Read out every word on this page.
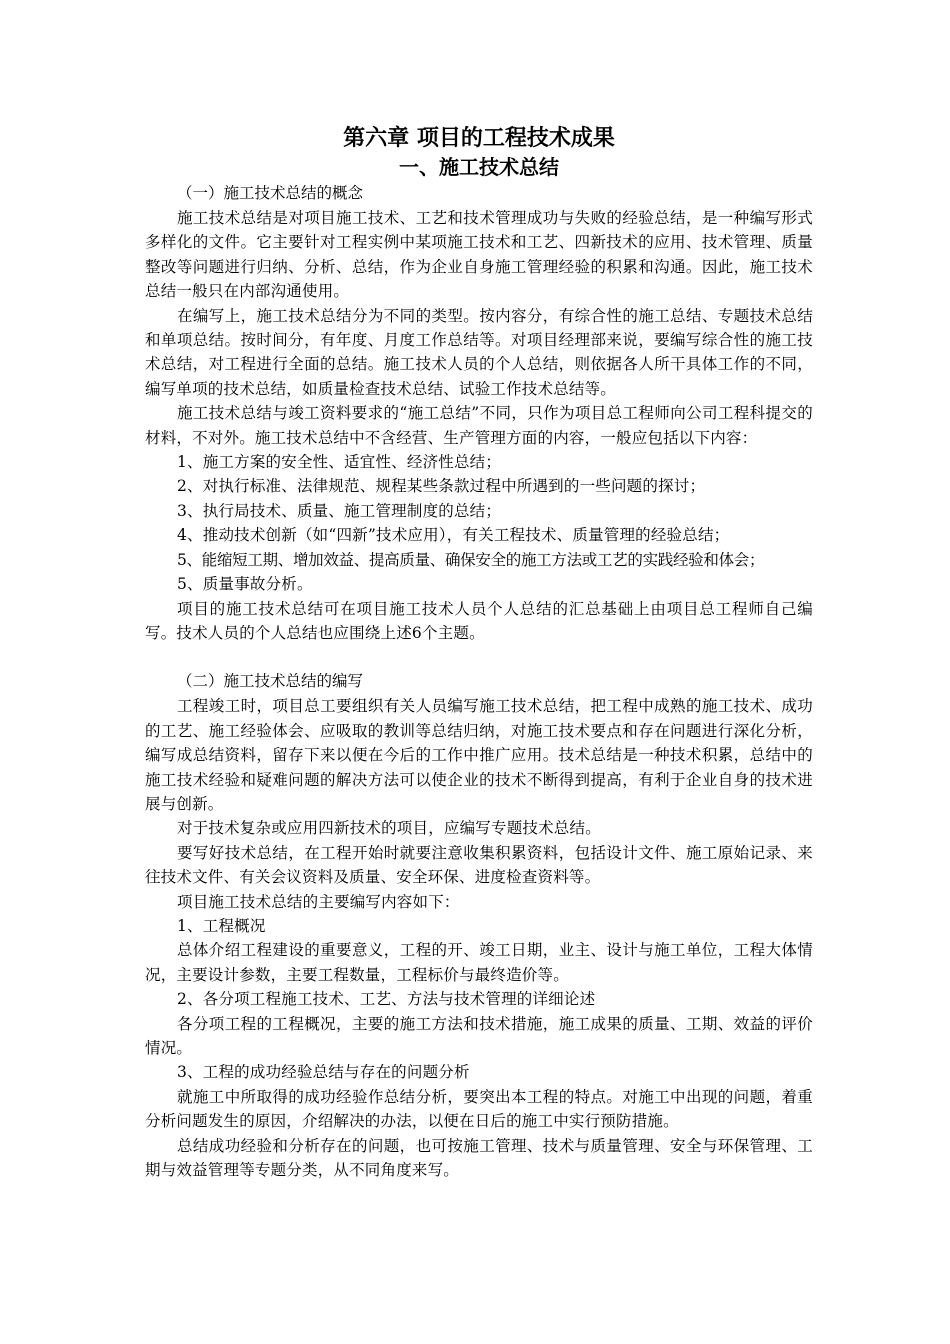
第六章 项目的工程技术成果
一、施工技术总结

（一）施工技术总结的概念

施工技术总结是对项目施工技术、工艺和技术管理成功与失败的经验总结，是一种编写形式多样化的文件。它主要针对工程实例中某项施工技术和工艺、四新技术的应用、技术管理、质量整改等问题进行归纳、分析、总结，作为企业自身施工管理经验的积累和沟通。因此，施工技术总结一般只在内部沟通使用。

在编写上，施工技术总结分为不同的类型。按内容分，有综合性的施工总结、专题技术总结和单项总结。按时间分，有年度、月度工作总结等。对项目经理部来说，要编写综合性的施工技术总结，对工程进行全面的总结。施工技术人员的个人总结，则依据各人所干具体工作的不同，编写单项的技术总结，如质量检查技术总结、试验工作技术总结等。

施工技术总结与竣工资料要求的“施工总结”不同，只作为项目总工程师向公司工程科提交的材料，不对外。施工技术总结中不含经营、生产管理方面的内容，一般应包括以下内容：

1、施工方案的安全性、适宜性、经济性总结；

2、对执行标准、法律规范、规程某些条款过程中所遇到的一些问题的探讨；

3、执行局技术、质量、施工管理制度的总结；

4、推动技术创新（如“四新”技术应用），有关工程技术、质量管理的经验总结；

5、能缩短工期、增加效益、提高质量、确保安全的施工方法或工艺的实践经验和体会；

5、质量事故分析。

项目的施工技术总结可在项目施工技术人员个人总结的汇总基础上由项目总工程师自己编写。技术人员的个人总结也应围绕上述6个主题。

（二）施工技术总结的编写

工程竣工时，项目总工要组织有关人员编写施工技术总结，把工程中成熟的施工技术、成功的工艺、施工经验体会、应吸取的教训等总结归纳，对施工技术要点和存在问题进行深化分析，编写成总结资料，留存下来以便在今后的工作中推广应用。技术总结是一种技术积累，总结中的施工技术经验和疑难问题的解决方法可以使企业的技术不断得到提高，有利于企业自身的技术进展与创新。

对于技术复杂或应用四新技术的项目，应编写专题技术总结。

要写好技术总结，在工程开始时就要注意收集积累资料，包括设计文件、施工原始记录、来往技术文件、有关会议资料及质量、安全环保、进度检查资料等。

项目施工技术总结的主要编写内容如下：

1、工程概况

总体介绍工程建设的重要意义，工程的开、竣工日期，业主、设计与施工单位，工程大体情况，主要设计参数，主要工程数量，工程标价与最终造价等。

2、各分项工程施工技术、工艺、方法与技术管理的详细论述

各分项工程的工程概况，主要的施工方法和技术措施，施工成果的质量、工期、效益的评价情况。

3、工程的成功经验总结与存在的问题分析

就施工中所取得的成功经验作总结分析，要突出本工程的特点。对施工中出现的问题，着重分析问题发生的原因，介绍解决的办法，以便在日后的施工中实行预防措施。

总结成功经验和分析存在的问题，也可按施工管理、技术与质量管理、安全与环保管理、工期与效益管理等专题分类，从不同角度来写。
